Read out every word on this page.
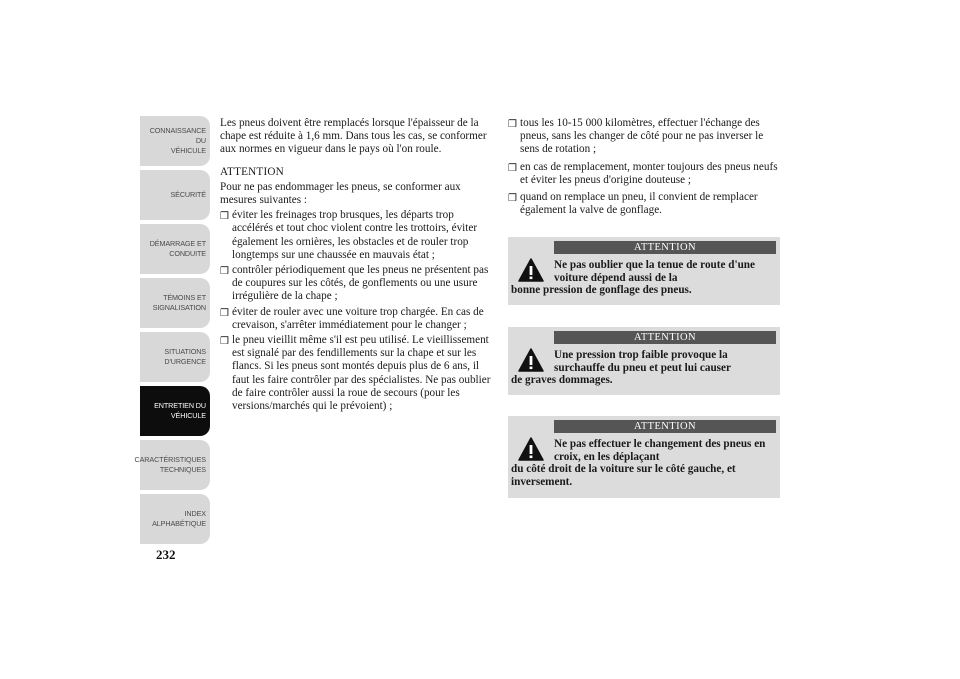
CONNAISSANCE DU
VÉHICULE
SÉCURITÉ
DÉMARRAGE ET
CONDUITE
TÉMOINS ET
SIGNALISATION
SITUATIONS
D'URGENCE
ENTRETIEN DU
VÉHICULE
CARACTÉRISTIQUES
TECHNIQUES
INDEX
ALPHABÉTIQUE
232

Les pneus doivent être remplacés lorsque l'épaisseur de la chape est réduite à 1,6 mm. Dans tous les cas, se conformer aux normes en vigueur dans le pays où l'on roule.

ATTENTION

Pour ne pas endommager les pneus, se conformer aux mesures suivantes :

❒ éviter les freinages trop brusques, les départs trop accélérés et tout choc violent contre les trottoirs, éviter également les ornières, les obstacles et de rouler trop longtemps sur une chaussée en mauvais état ;
❒ contrôler périodiquement que les pneus ne présentent pas de coupures sur les côtés, de gonflements ou une usure irrégulière de la chape ;
❒ éviter de rouler avec une voiture trop chargée. En cas de crevaison, s'arrêter immédiatement pour le changer ;
❒ le pneu vieillit même s'il est peu utilisé. Le vieillissement est signalé par des fendillements sur la chape et sur les flancs. Si les pneus sont montés depuis plus de 6 ans, il faut les faire contrôler par des spécialistes. Ne pas oublier de faire contrôler aussi la roue de secours (pour les versions/marchés qui le prévoient) ;
❒ tous les 10-15 000 kilomètres, effectuer l'échange des pneus, sans les changer de côté pour ne pas inverser le sens de rotation ;
❒ en cas de remplacement, monter toujours des pneus neufs et éviter les pneus d'origine douteuse ;
❒ quand on remplace un pneu, il convient de remplacer également la valve de gonflage.
ATTENTION
Ne pas oublier que la tenue de route d'une voiture dépend aussi de la
bonne pression de gonflage des pneus.
ATTENTION
Une pression trop faible provoque la surchauffe du pneu et peut lui causer
de graves dommages.
ATTENTION
Ne pas effectuer le changement des pneus en croix, en les déplaçant
du côté droit de la voiture sur le côté gauche, et inversement.
